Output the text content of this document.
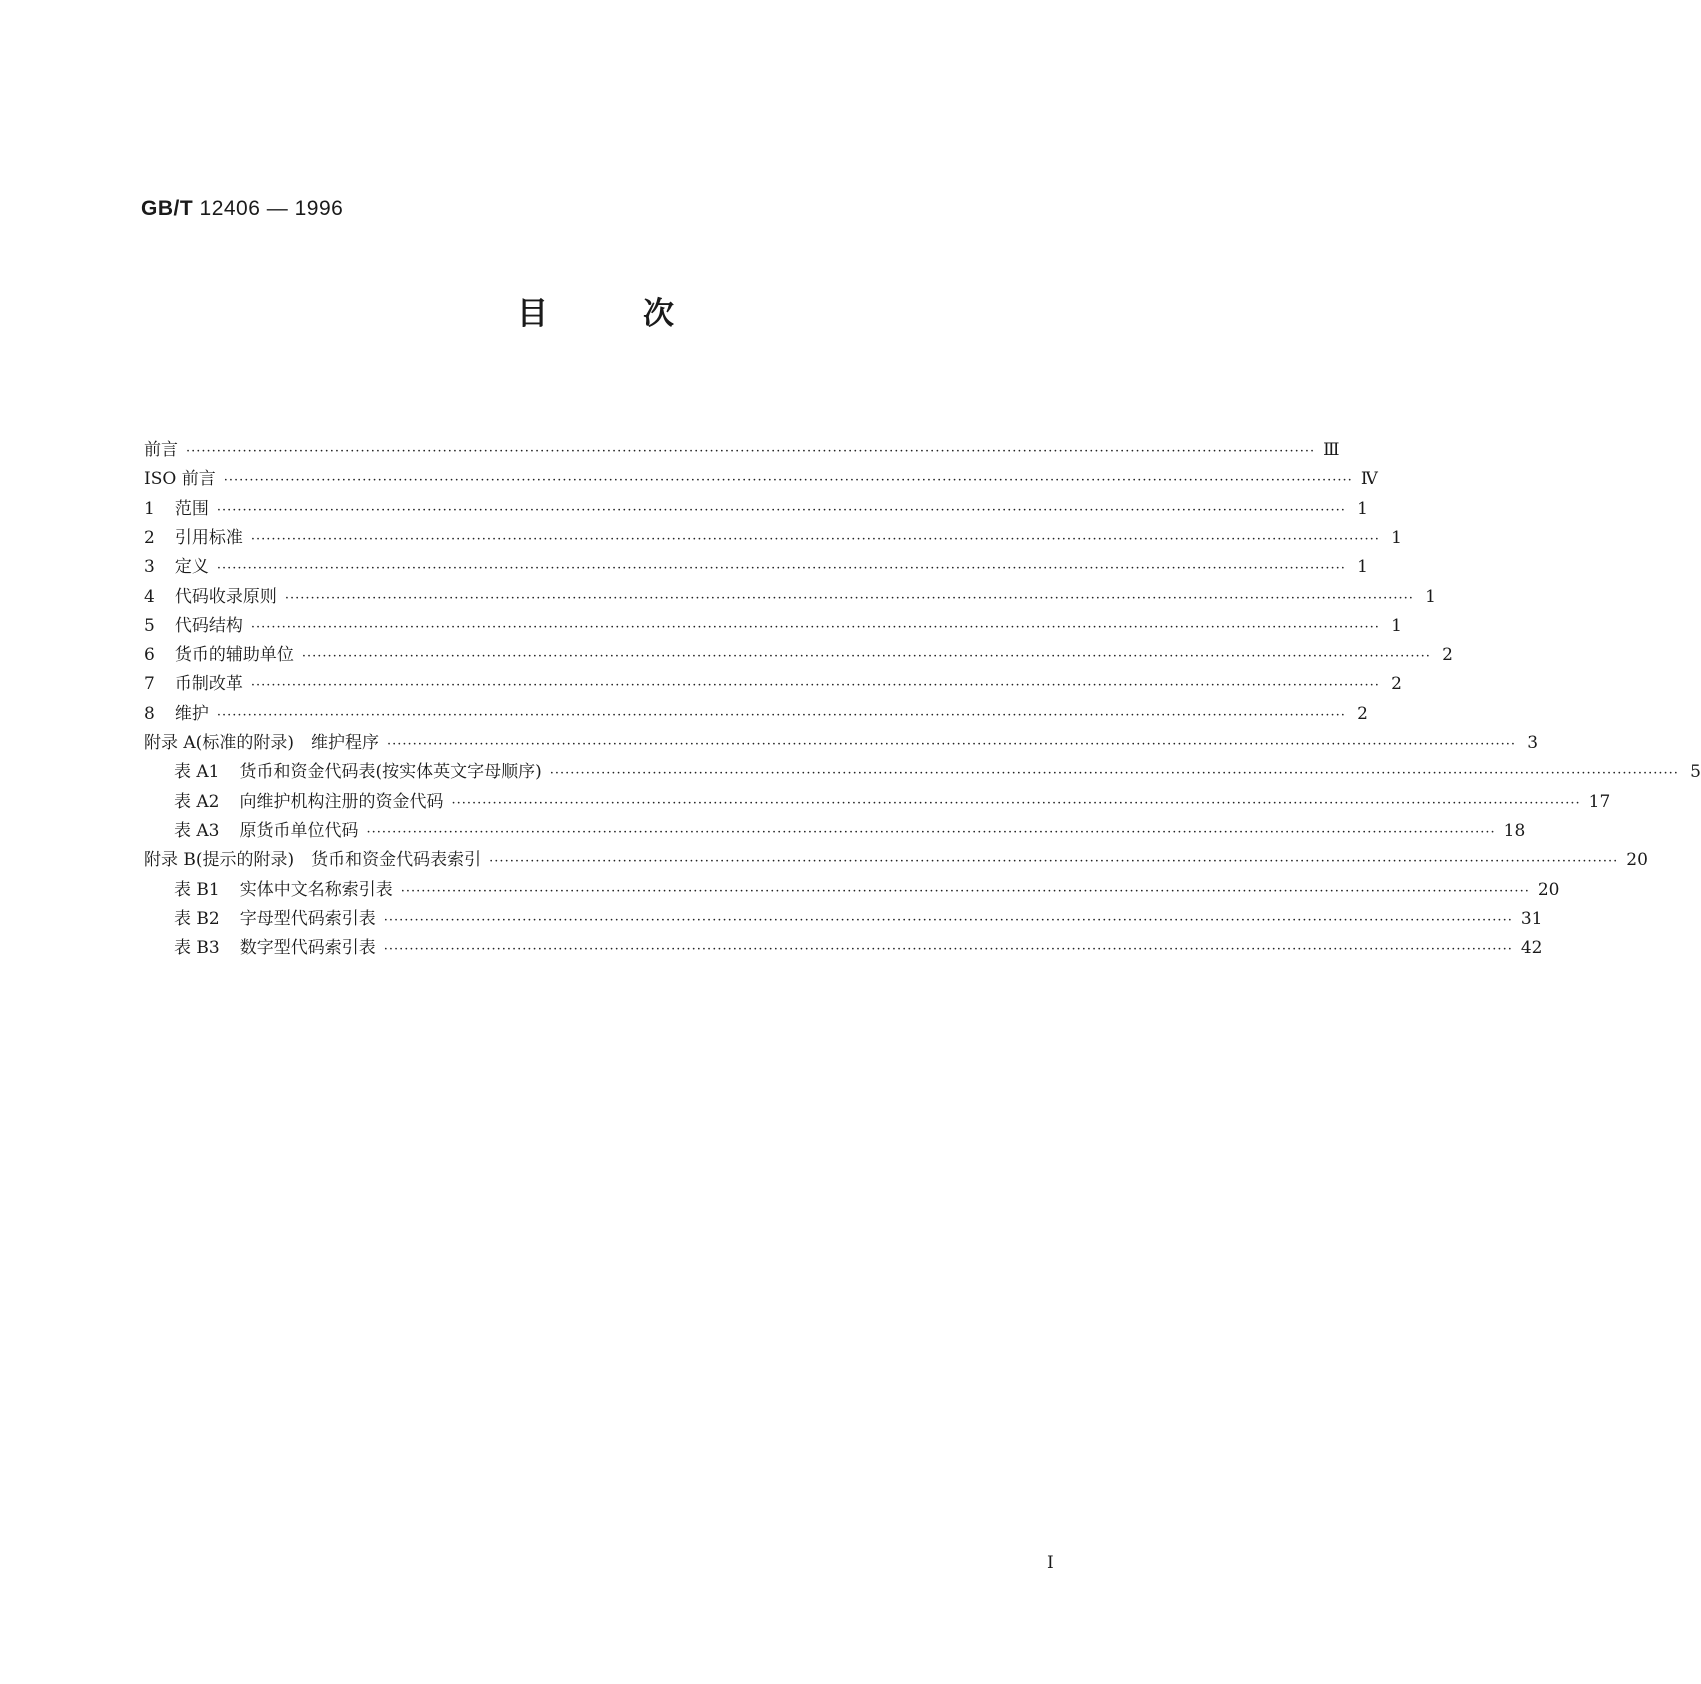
GB/T 12406 — 1996
目	次
前言 ···························································································································································································································· Ⅲ
ISO 前言 ···························································································································································································································· Ⅳ
1 范围 ···························································································································································································································· 1
2 引用标准 ···························································································································································································································· 1
3 定义 ···························································································································································································································· 1
4 代码收录原则 ···························································································································································································································· 1
5 代码结构 ···························································································································································································································· 1
6 货币的辅助单位 ···························································································································································································································· 2
7 币制改革 ···························································································································································································································· 2
8 维护 ···························································································································································································································· 2
附录 A(标准的附录)　维护程序 ···························································································································································································································· 3
表 A1 货币和资金代码表(按实体英文字母顺序) ···························································································································································································································· 5
表 A2 向维护机构注册的资金代码 ···························································································································································································································· 17
表 A3 原货币单位代码 ···························································································································································································································· 18
附录 B(提示的附录)　货币和资金代码表索引 ···························································································································································································································· 20
表 B1 实体中文名称索引表 ···························································································································································································································· 20
表 B2 字母型代码索引表 ···························································································································································································································· 31
表 B3 数字型代码索引表 ···························································································································································································································· 42
I
